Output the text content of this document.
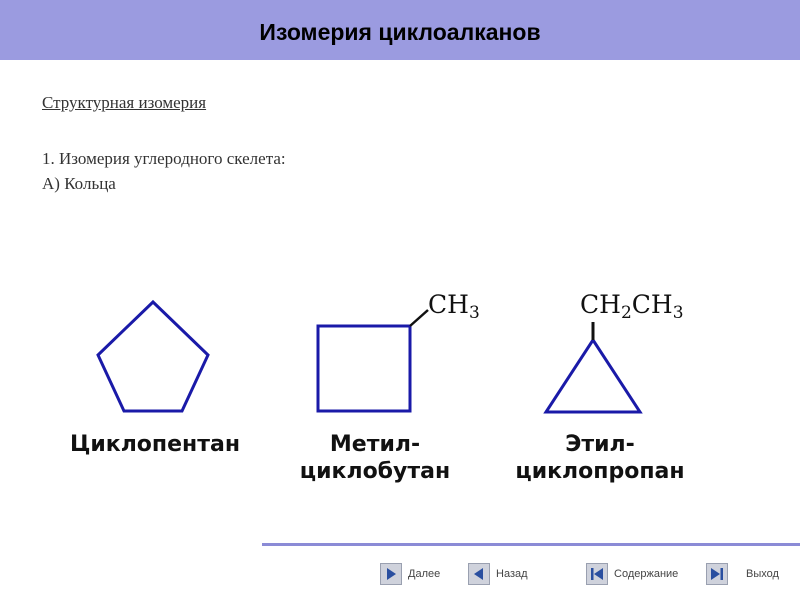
Изомерия циклоалканов
Структурная изомерия
1. Изомерия углеродного скелета:
А) Кольца
$CH_3$	$CH_2CH_3$
Циклопентан	Метил-
циклобутан
Этил-
циклопропан
Далее	Назад	Содержание	Выход
